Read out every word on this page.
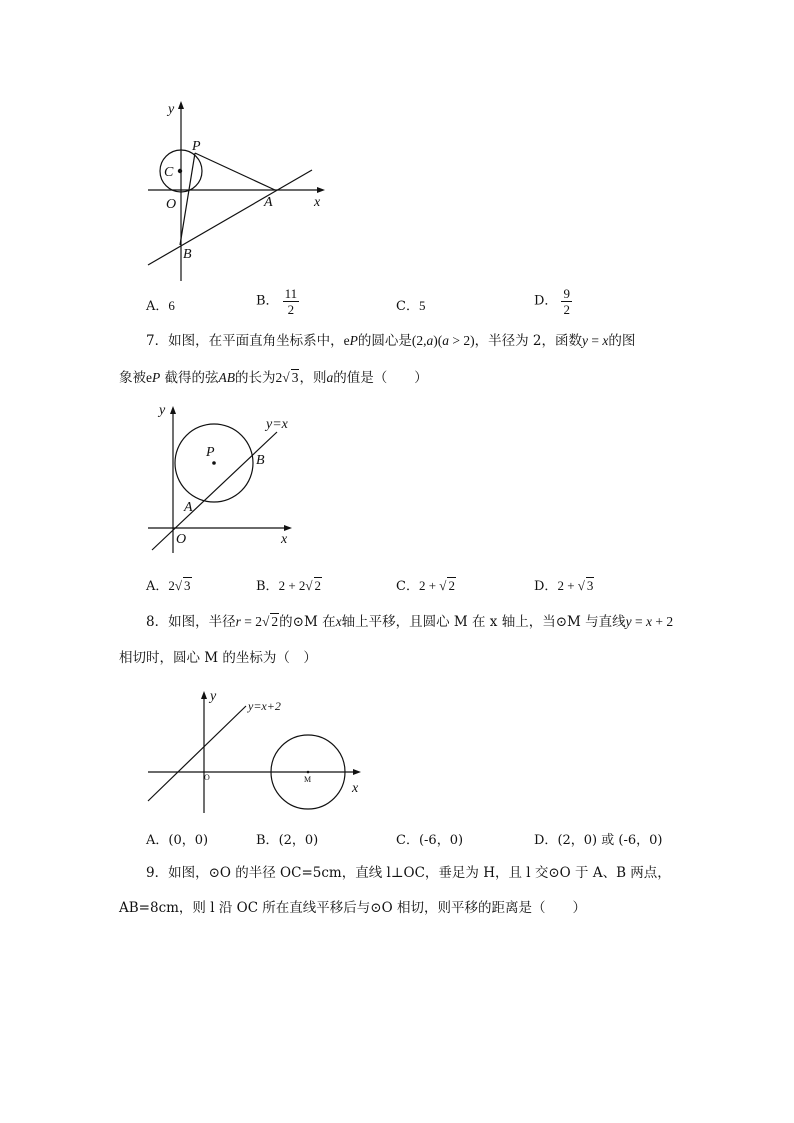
y
x
P
C
O	A
B
A．6	B． $\frac{11}{2}$	C．5	D． $\frac{9}{2}$
7．如图，在平面直角坐标系中，eP的圆心是(2,a)(a > 2)，半径为 2，函数y = x的图
象被eP 截得的弦AB的长为2√ 3，则a的值是（　　）
y
x
P
B
A
O
y=x
A．2√ 3	B．2 + 2√ 2	C．2 + √ 2	D．2 + √ 3
8．如图，半径r = 2√ 2的⊙M 在x轴上平移，且圆心 M 在 x 轴上，当⊙M 与直线y = x + 2
相切时，圆心 M 的坐标为（　）
y
x
O	M
y=x+2
A．(0，0)	B．(2，0)	C．(-6，0)	D．(2，0) 或 (-6，0)
9．如图，⊙O 的半径 OC=5cm，直线 l⊥OC，垂足为 H，且 l 交⊙O 于 A、B 两点，
AB=8cm，则 l 沿 OC 所在直线平移后与⊙O 相切，则平移的距离是（　　）
